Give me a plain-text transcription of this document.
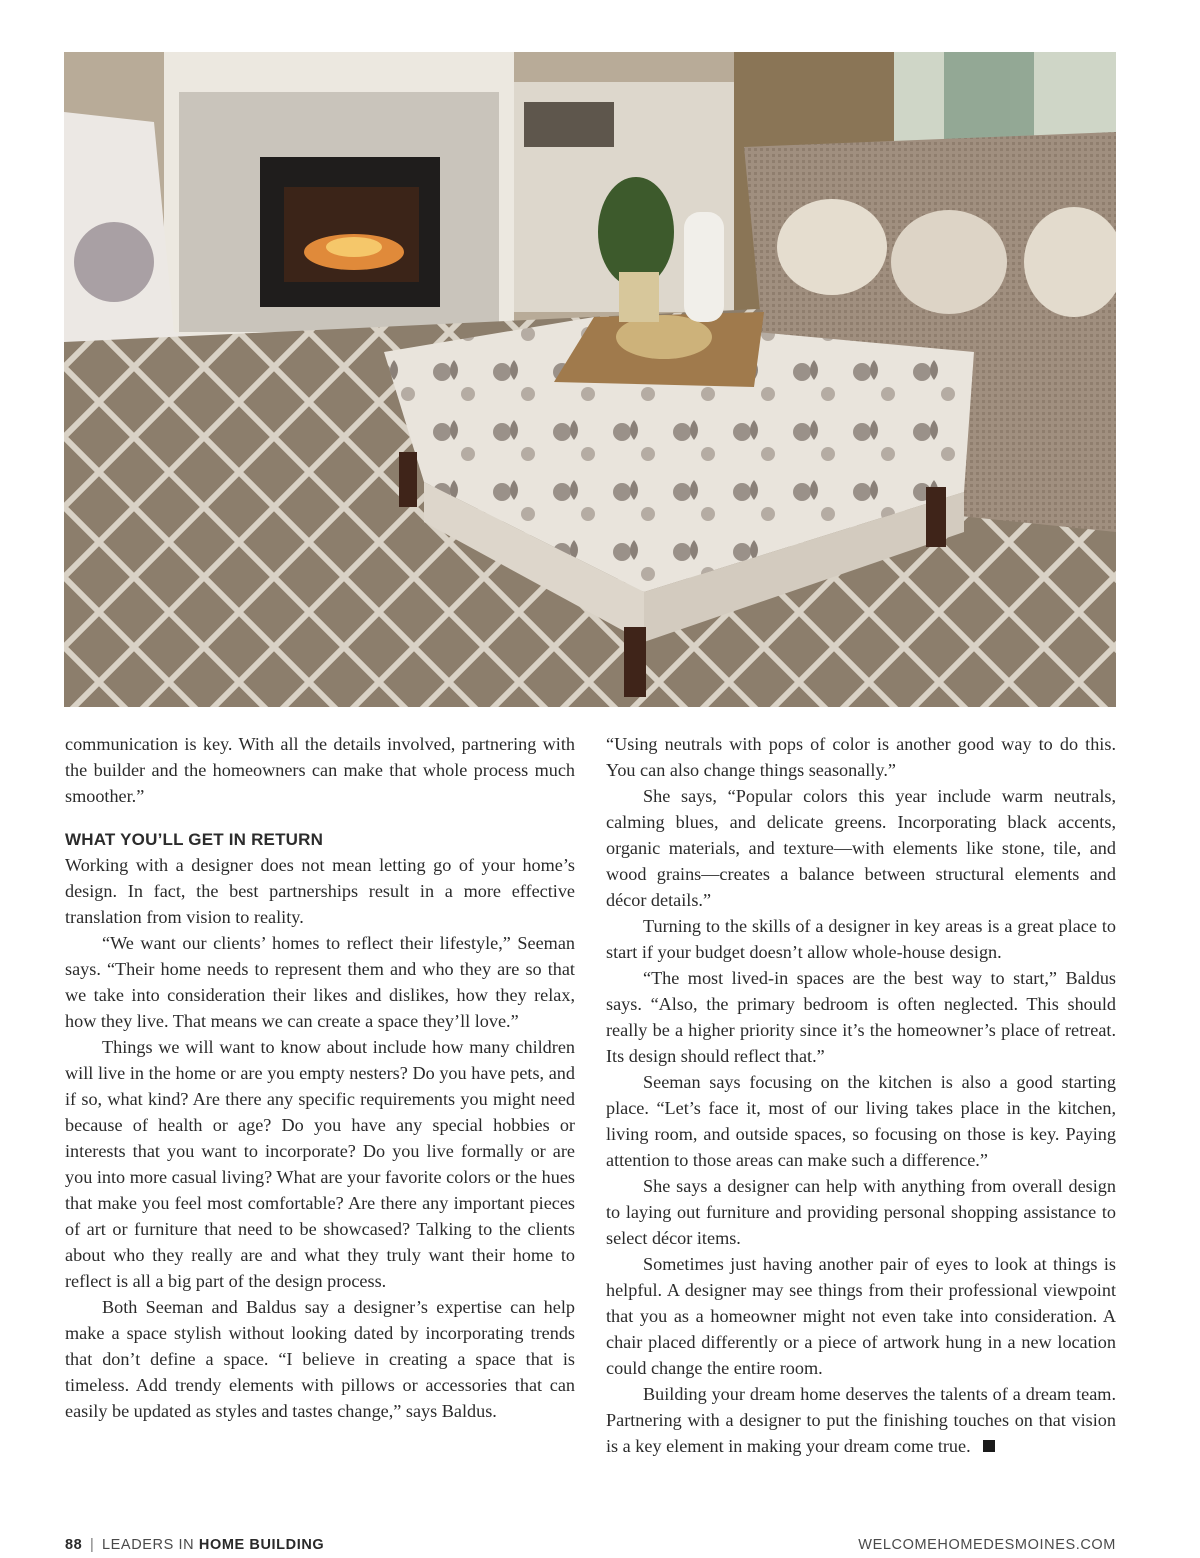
communication is key. With all the details involved, partnering with the builder and the homeowners can make that whole process much smoother.”

WHAT YOU’LL GET IN RETURN

Working with a designer does not mean letting go of your home’s design. In fact, the best partnerships result in a more effective translation from vision to reality.

“We want our clients’ homes to reflect their lifestyle,” Seeman says. “Their home needs to represent them and who they are so that we take into consideration their likes and dislikes, how they relax, how they live. That means we can create a space they’ll love.”

Things we will want to know about include how many children will live in the home or are you empty nesters? Do you have pets, and if so, what kind? Are there any specific requirements you might need because of health or age? Do you have any special hobbies or interests that you want to incorporate? Do you live formally or are you into more casual living? What are your favorite colors or the hues that make you feel most comfortable? Are there any important pieces of art or furniture that need to be showcased? Talking to the clients about who they really are and what they truly want their home to reflect is all a big part of the design process.

Both Seeman and Baldus say a designer’s expertise can help make a space stylish without looking dated by incorporating trends that don’t define a space. “I believe in creating a space that is timeless. Add trendy elements with pillows or accessories that can easily be updated as styles and tastes change,” says Baldus.

“Using neutrals with pops of color is another good way to do this. You can also change things seasonally.”

She says, “Popular colors this year include warm neutrals, calming blues, and delicate greens. Incorporating black accents, organic materials, and texture—with elements like stone, tile, and wood grains—creates a balance between structural elements and décor details.”

Turning to the skills of a designer in key areas is a great place to start if your budget doesn’t allow whole-house design.

“The most lived-in spaces are the best way to start,” Baldus says. “Also, the primary bedroom is often neglected. This should really be a higher priority since it’s the homeowner’s place of retreat. Its design should reflect that.”

Seeman says focusing on the kitchen is also a good starting place. “Let’s face it, most of our living takes place in the kitchen, living room, and outside spaces, so focusing on those is key. Paying attention to those areas can make such a difference.”

She says a designer can help with anything from overall design to laying out furniture and providing personal shopping assistance to select décor items.

Sometimes just having another pair of eyes to look at things is helpful. A designer may see things from their professional viewpoint that you as a homeowner might not even take into consideration. A chair placed differently or a piece of artwork hung in a new location could change the entire room.

Building your dream home deserves the talents of a dream team. Partnering with a designer to put the finishing touches on that vision is a key element in making your dream come true.

88 | LEADERS IN HOME BUILDING	WELCOMEHOMEDESMOINES.COM
